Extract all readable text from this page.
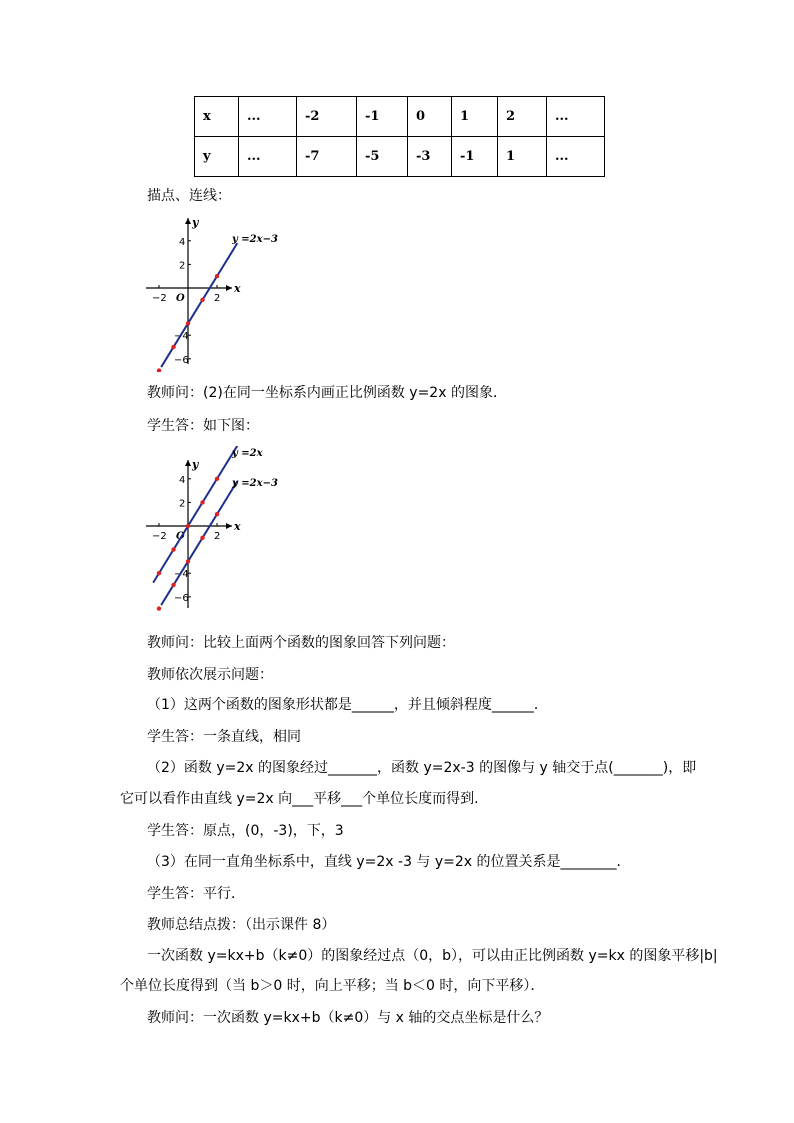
x	...	-2	-1	0	1	2	...
y	...	-7	-5	-3	-1	1	...
描点、连线：
x
y
O
−2	2
4
2
−4
−6
y =2x−3
教师问：(2)在同一坐标系内画正比例函数 y=2x 的图象．
学生答：如下图：
x
y
O
−2	2
4
2
−4
−6
y =2x
y =2x−3
教师问：比较上面两个函数的图象回答下列问题：
教师依次展示问题：
（1）这两个函数的图象形状都是______，并且倾斜程度______．
学生答：一条直线，相同
（2）函数 y=2x 的图象经过_______，函数 y=2x-3 的图像与 y 轴交于点(_______)，即
它可以看作由直线 y=2x 向___平移___个单位长度而得到.
学生答：原点，(0，-3)，下，3
（3）在同一直角坐标系中，直线 y=2x -3 与 y=2x 的位置关系是________．
学生答：平行．
教师总结点拨：（出示课件 8）
一次函数 y=kx+b（k≠0）的图象经过点（0，b），可以由正比例函数 y=kx 的图象平移|b|
个单位长度得到（当 b＞0 时，向上平移；当 b＜0 时，向下平移）．
教师问：一次函数 y=kx+b（k≠0）与 x 轴的交点坐标是什么？
